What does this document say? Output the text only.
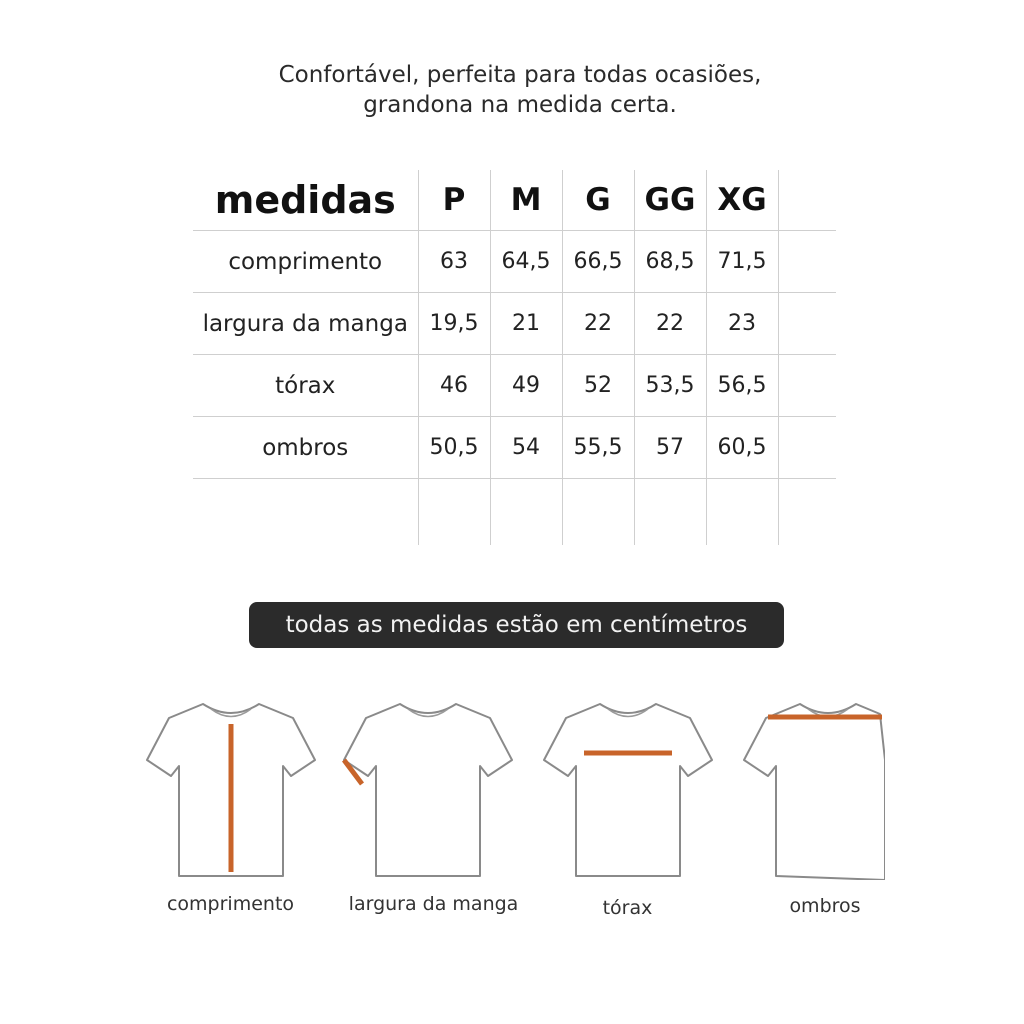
Confortável, perfeita para todas ocasiões,
grandona na medida certa.
medidas	P	M	G	GG	XG	
comprimento	63	64,5	66,5	68,5	71,5	
largura da manga	19,5	21	22	22	23	
tórax	46	49	52	53,5	56,5	
ombros	50,5	54	55,5	57	60,5	

todas as medidas estão em centímetros
comprimento	largura da manga	tórax	ombros
